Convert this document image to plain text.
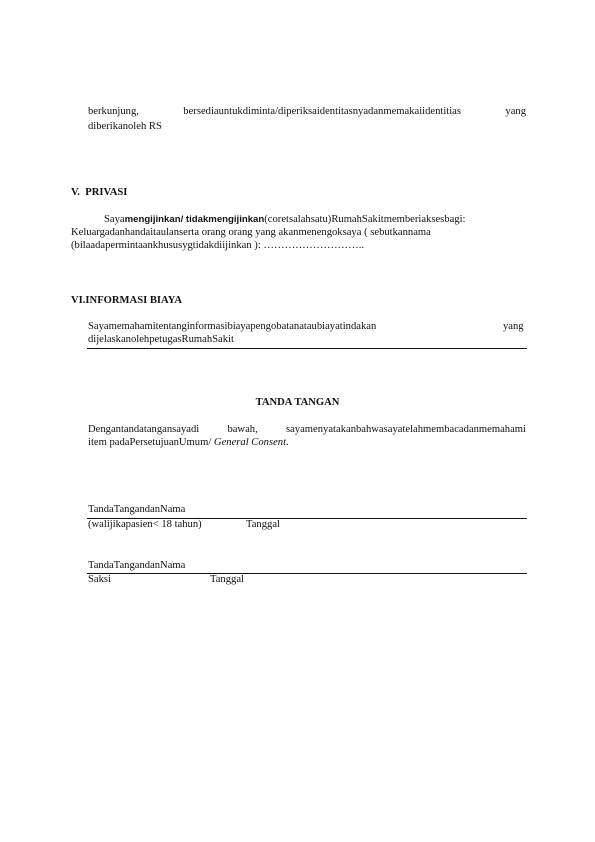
berkunjung,	bersediauntukdiminta/diperiksaidentitasnyadanmemakaiidentitias	yang
diberikanoleh RS
V. PRIVASI
Sayamengijinkan/ tidakmengijinkan(coretsalahsatu)RumahSakitmemberiaksesbagi:
Keluargadanhandaitaulanserta orang orang yang akanmenengoksaya ( sebutkannama
(bilaadapermintaankhususygtidakdiijinkan ): ………………………..
VI.INFORMASI BIAYA
Sayamemahamitentanginformasibiayapengobatanataubiayatindakan	yang
dijelaskanolehpetugasRumahSakit
TANDA TANGAN
Dengantandatangansayadi bawah, sayamenyatakanbahwasayatelahmembacadanmemahami
item padaPersetujuanUmum/ General Consent.
TandaTangandanNama
(walijikapasien< 18 tahun)	Tanggal
TandaTangandanNama
Saksi	Tanggal
